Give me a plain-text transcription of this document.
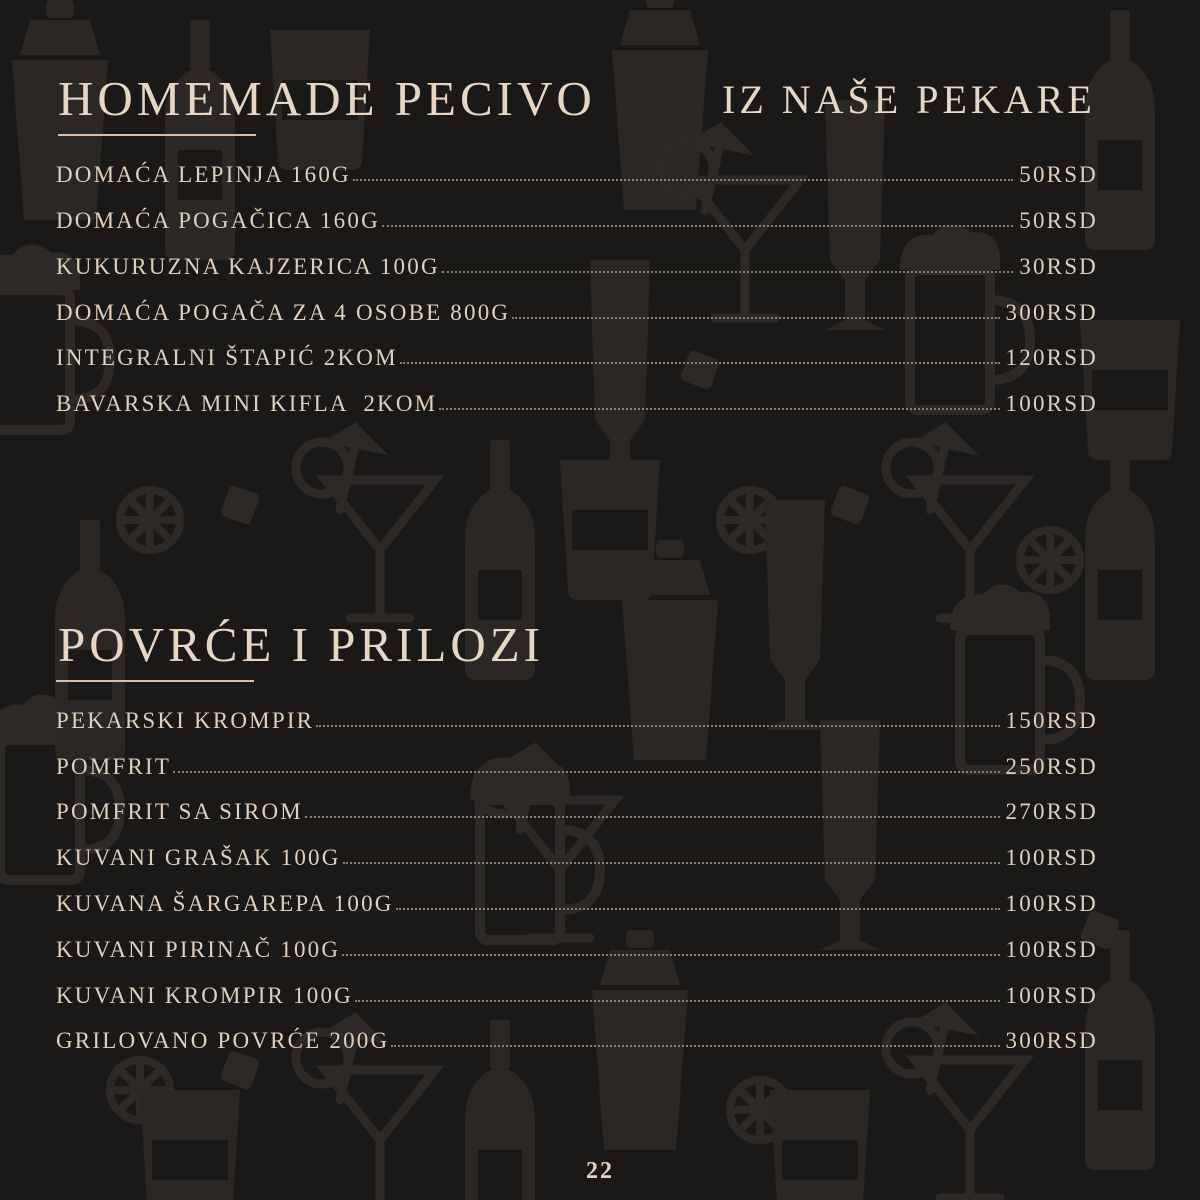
HOMEMADE PECIVO	IZ NAŠE PEKARE
DOMAĆA LEPINJA 160G	50RSD
DOMAĆA POGAČICA 160G	50RSD
KUKURUZNA KAJZERICA 100G	30RSD
DOMAĆA POGAČA ZA 4 OSOBE 800G	300RSD
INTEGRALNI ŠTAPIĆ 2KOM	120RSD
BAVARSKA MINI KIFLA  2KOM	100RSD
POVRĆE I PRILOZI
PEKARSKI KROMPIR	150RSD
POMFRIT	250RSD
POMFRIT SA SIROM	270RSD
KUVANI GRAŠAK 100G	100RSD
KUVANA ŠARGAREPA 100G	100RSD
KUVANI PIRINAČ 100G	100RSD
KUVANI KROMPIR 100G	100RSD
GRILOVANO POVRĆE 200G	300RSD
22
